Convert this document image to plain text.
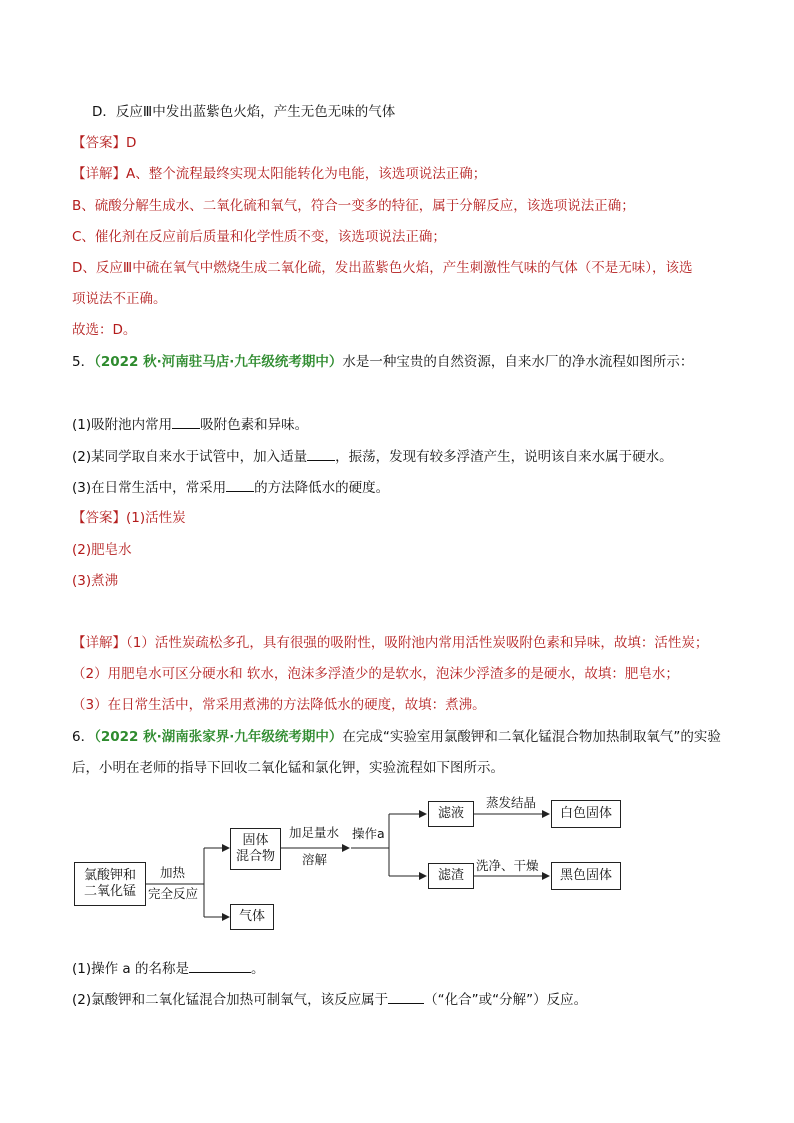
D．反应Ⅲ中发出蓝紫色火焰，产生无色无味的气体
【答案】D
【详解】A、整个流程最终实现太阳能转化为电能，该选项说法正确；
B、硫酸分解生成水、二氧化硫和氧气，符合一变多的特征，属于分解反应，该选项说法正确；
C、催化剂在反应前后质量和化学性质不变，该选项说法正确；
D、反应Ⅲ中硫在氧气中燃烧生成二氧化硫，发出蓝紫色火焰，产生刺激性气味的气体（不是无味），该选
项说法不正确。
故选：D。
5．（2022 秋·河南驻马店·九年级统考期中）水是一种宝贵的自然资源，自来水厂的净水流程如图所示：
(1)吸附池内常用 吸附色素和异味。
(2)某同学取自来水于试管中，加入适量 ，振荡，发现有较多浮渣产生，说明该自来水属于硬水。
(3)在日常生活中，常采用 的方法降低水的硬度。
【答案】(1)活性炭
(2)肥皂水
(3)煮沸
【详解】（1）活性炭疏松多孔，具有很强的吸附性，吸附池内常用活性炭吸附色素和异味，故填：活性炭；
（2）用肥皂水可区分硬水和 软水，泡沫多浮渣少的是软水，泡沫少浮渣多的是硬水，故填：肥皂水；
（3）在日常生活中，常采用煮沸的方法降低水的硬度，故填：煮沸。
6．（2022 秋·湖南张家界·九年级统考期中）在完成“实验室用氯酸钾和二氧化锰混合物加热制取氧气”的实验
后，小明在老师的指导下回收二氧化锰和氯化钾，实验流程如下图所示。
氯酸钾和
二氧化锰
加热
完全反应
固体
混合物
气体
加足量水
溶解
操作a
滤液
滤渣
蒸发结晶
洗净、干燥
白色固体
黑色固体
(1)操作 a 的名称是	。
(2)氯酸钾和二氧化锰混合加热可制氧气，该反应属于	（“化合”或“分解”）反应。
